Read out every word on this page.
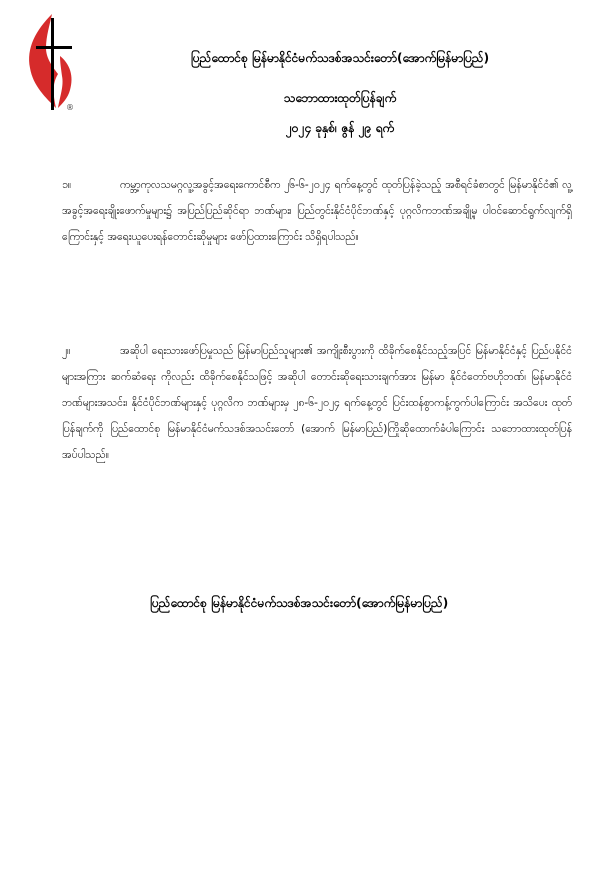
®
ပြည်ထောင်စု မြန်မာနိုင်ငံမက်သဒစ်အသင်းတော်(အောက်မြန်မာပြည်)
သဘောထားထုတ်ပြန်ချက်
၂၀၂၄ ခုနှစ်၊ ဇွန် ၂၉ ရက်
၁။	ကမ္ဘာ့ကုလသမဂ္ဂလူ့အခွင့်အရေးကောင်စီက ၂၆-၆-၂၀၂၄ ရက်နေ့တွင် ထုတ်ပြန်ခဲ့သည့် အစီရင်ခံစာတွင် မြန်မာနိုင်ငံ၏ လူ့အခွင့်အရေးချိုးဖောက်မှုများ၌ အပြည်ပြည်ဆိုင်ရာ ဘဏ်များ၊ ပြည်တွင်းနိုင်ငံပိုင်ဘဏ်နှင့် ပုဂ္ဂလိကဘဏ်အချို့မှ ပါဝင်ဆောင်ရွက်လျက်ရှိကြောင်းနှင့် အရေးယူပေးရန်တောင်းဆိုမှုများ ဖော်ပြထားကြောင်း သိရှိရပါသည်။
၂။	အဆိုပါ ရေးသားဖော်ပြမှုသည် မြန်မာပြည်သူများ၏ အကျိုးစီးပွားကို ထိခိုက်စေနိုင်သည့်အပြင် မြန်မာနိုင်ငံနှင့် ပြည်ပနိုင်ငံများအကြား ဆက်ဆံရေး ကိုလည်း ထိခိုက်စေနိုင်သဖြင့် အဆိုပါ တောင်းဆိုရေးသားချက်အား မြန်မာ နိုင်ငံတော်ဗဟိုဘဏ်၊ မြန်မာနိုင်ငံဘဏ်များအသင်း၊ နိုင်ငံပိုင်ဘဏ်များနှင့် ပုဂ္ဂလိက ဘဏ်များမှ ၂၈-၆-၂၀၂၄ ရက်နေ့တွင် ပြင်းထန်စွာကန့်ကွက်ပါကြောင်း အသိပေး ထုတ်ပြန်ချက်ကို ပြည်ထောင်စု မြန်မာနိုင်ငံမက်သဒစ်အသင်းတော် (အောက် မြန်မာပြည်)ကြိုဆိုထောက်ခံပါကြောင်း သဘောထားထုတ်ပြန် အပ်ပါသည်။
ပြည်ထောင်စု မြန်မာနိုင်ငံမက်သဒစ်အသင်းတော်(အောက်မြန်မာပြည်)
